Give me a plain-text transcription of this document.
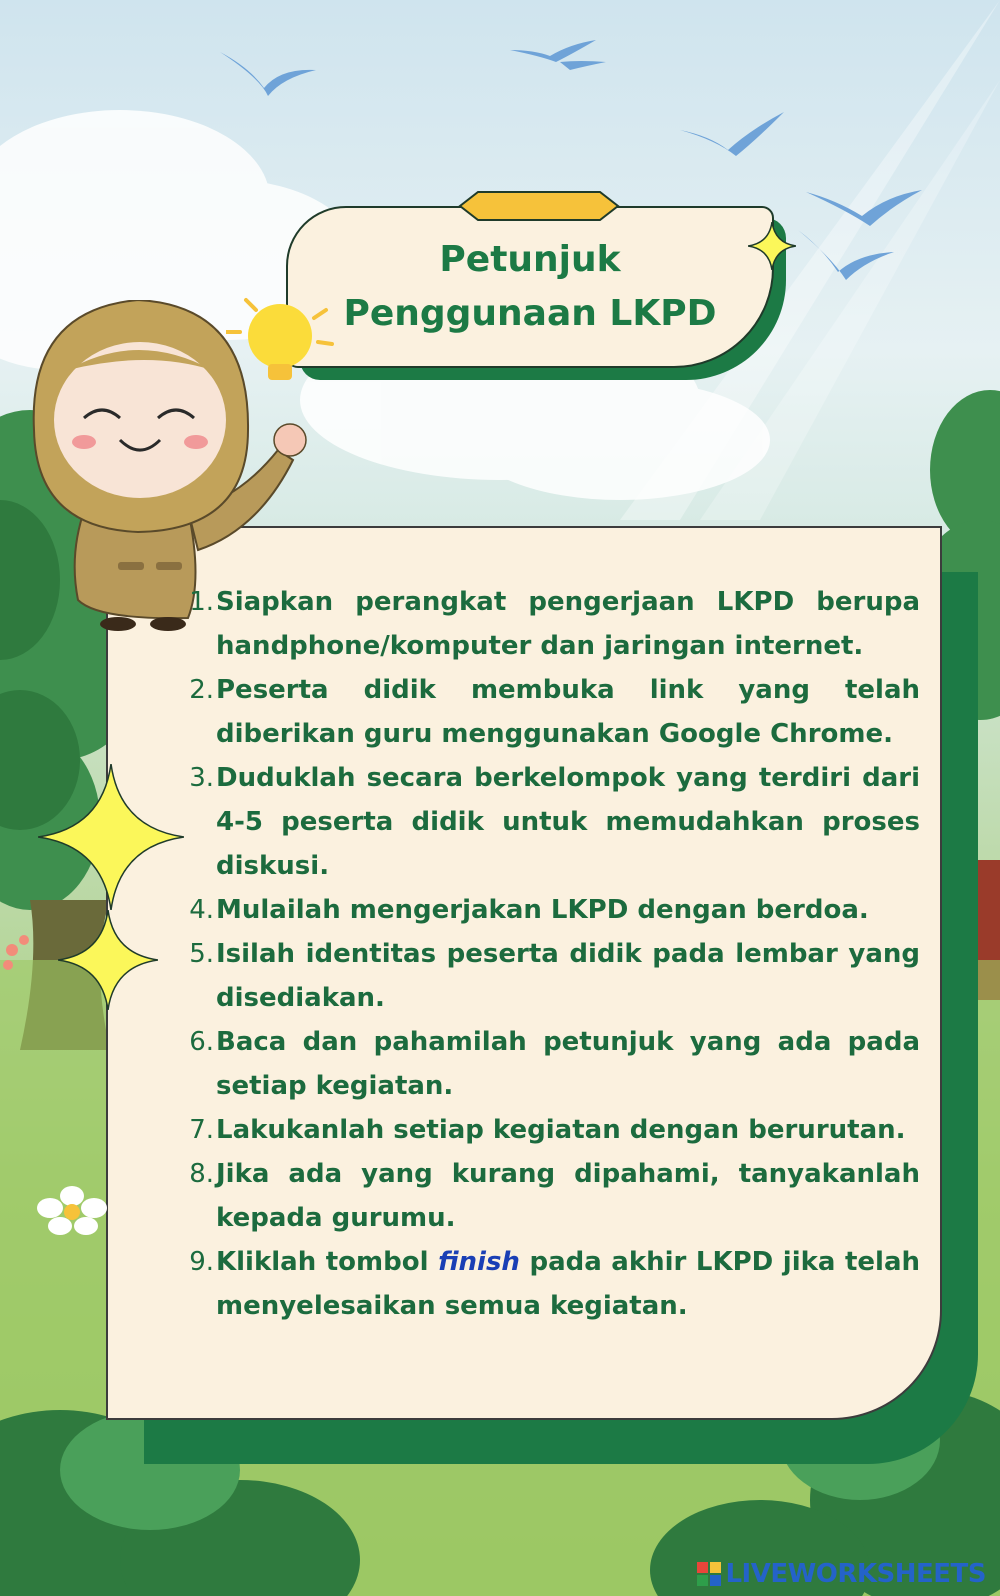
Petunjuk
Penggunaan LKPD
1. Siapkan perangkat pengerjaan LKPD berupa handphone/komputer dan jaringan internet.
2. Peserta didik membuka link yang telah diberikan guru menggunakan Google Chrome.
3. Duduklah secara berkelompok yang terdiri dari 4-5 peserta didik untuk memudahkan proses diskusi.
4. Mulailah mengerjakan LKPD dengan berdoa.
5. Isilah identitas peserta didik pada lembar yang disediakan.
6. Baca dan pahamilah petunjuk yang ada pada setiap kegiatan.
7. Lakukanlah setiap kegiatan dengan berurutan.
8. Jika ada yang kurang dipahami, tanyakanlah kepada gurumu.
9. Kliklah tombol finish pada akhir LKPD jika telah menyelesaikan semua kegiatan.
LIVEWORKSHEETS
